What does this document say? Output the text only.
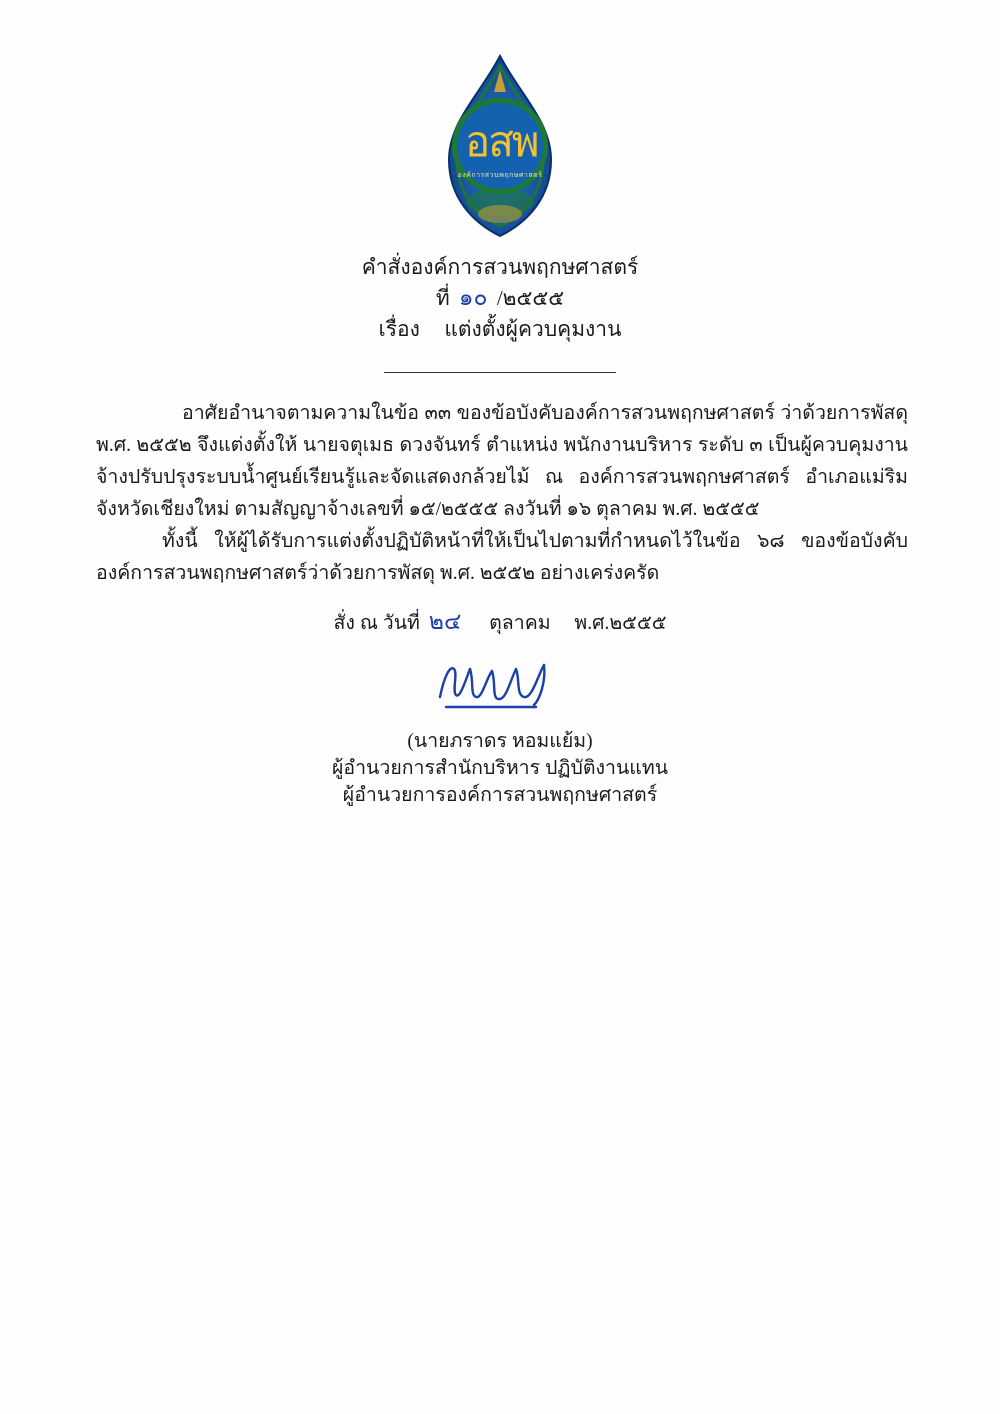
อสพ
องค์การสวนพฤกษศาสตร์
คำสั่งองค์การสวนพฤกษศาสตร์
ที่ ๑๐ /๒๕๕๕
เรื่อง แต่งตั้งผู้ควบคุมงาน

อาศัยอำนาจตามความในข้อ ๓๓ ของข้อบังคับองค์การสวนพฤกษศาสตร์ ว่าด้วยการพัสดุ พ.ศ. ๒๕๕๒ จึงแต่งตั้งให้ นายจตุเมธ ดวงจันทร์ ตำแหน่ง พนักงานบริหาร ระดับ ๓ เป็นผู้ควบคุมงาน จ้างปรับปรุงระบบน้ำศูนย์เรียนรู้และจัดแสดงกล้วยไม้ ณ องค์การสวนพฤกษศาสตร์ อำเภอแม่ริม จังหวัดเชียงใหม่ ตามสัญญาจ้างเลขที่ ๑๕/๒๕๕๕ ลงวันที่ ๑๖ ตุลาคม พ.ศ. ๒๕๕๕

ทั้งนี้ ให้ผู้ได้รับการแต่งตั้งปฏิบัติหน้าที่ให้เป็นไปตามที่กำหนดไว้ในข้อ ๖๘ ของข้อบังคับองค์การสวนพฤกษศาสตร์ว่าด้วยการพัสดุ พ.ศ. ๒๕๕๒ อย่างเคร่งครัด

สั่ง ณ วันที่ ๒๔ ตุลาคม พ.ศ.๒๕๕๕
(นายภราดร หอมแย้ม)
ผู้อำนวยการสำนักบริหาร ปฏิบัติงานแทน
ผู้อำนวยการองค์การสวนพฤกษศาสตร์
